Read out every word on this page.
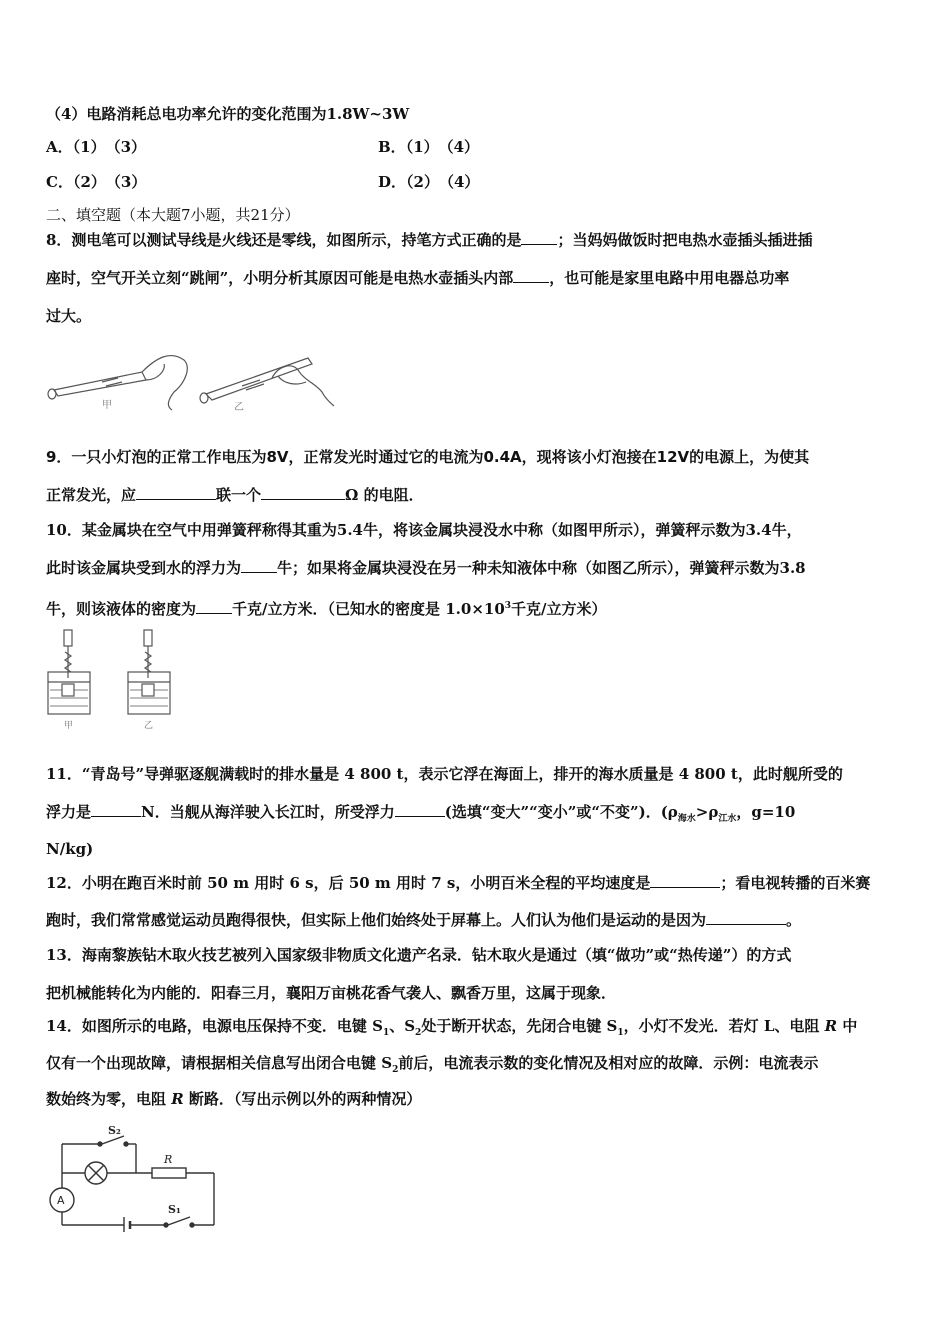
（4）电路消耗总电功率允许的变化范围为1.8W~3W
A．（1）　（3）	B．（1）　（4）
C．（2）　（3）	D．（2）　（4）
二、填空题（本大题7小题，共21分）
8．测电笔可以测试导线是火线还是零线，如图所示，持笔方式正确的是 ；当妈妈做饭时把电热水壶插头插进插
座时，空气开关立刻“跳闸”，小明分析其原因可能是电热水壶插头内部 ，也可能是家里电路中用电器总功率
过大。
甲	乙
9．一只小灯泡的正常工作电压为8V，正常发光时通过它的电流为0.4A，现将该小灯泡接在12V的电源上，为使其
正常发光，应	联一个	Ω 的电阻．
10．某金属块在空气中用弹簧秤称得其重为5.4牛，将该金属块浸没水中称（如图甲所示），弹簧秤示数为3.4牛，
此时该金属块受到水的浮力为 牛；如果将金属块浸没在另一种未知液体中称（如图乙所示），弹簧秤示数为3.8
牛，则该液体的密度为 千克/立方米．（已知水的密度是 $1.0\times 10^3$千克/立方米）
甲	乙
11．“青岛号”导弹驱逐舰满载时的排水量是 4 800 t，表示它浮在海面上，排开的海水质量是 4 800 t，此时舰所受的
浮力是	N．当舰从海洋驶入长江时，所受浮力	(选填“变大”“变小”或“不变”)．($\rho_{海水}>\rho_{江水}$，g=10
N/kg)
12．小明在跑百米时前 50 m 用时 6 s，后 50 m 用时 7 s，小明百米全程的平均速度是	；看电视转播的百米赛
跑时，我们常常感觉运动员跑得很快，但实际上他们始终处于屏幕上。人们认为他们是运动的是因为	。
13．海南黎族钻木取火技艺被列入国家级非物质文化遗产名录．钻木取火是通过（填“做功”或“热传递”）的方式
把机械能转化为内能的．阳春三月，襄阳万亩桃花香气袭人、飘香万里，这属于现象．
14．如图所示的电路，电源电压保持不变．电键 $S_1$、$S_2$处于断开状态，先闭合电键 $S_1$，小灯不发光．若灯 L、电阻 R 中
仅有一个出现故障，请根据相关信息写出闭合电键 $S_2$前后，电流表示数的变化情况及相对应的故障．示例：电流表示
数始终为零，电阻 R 断路．（写出示例以外的两种情况）
S₂
R
A
S₁
